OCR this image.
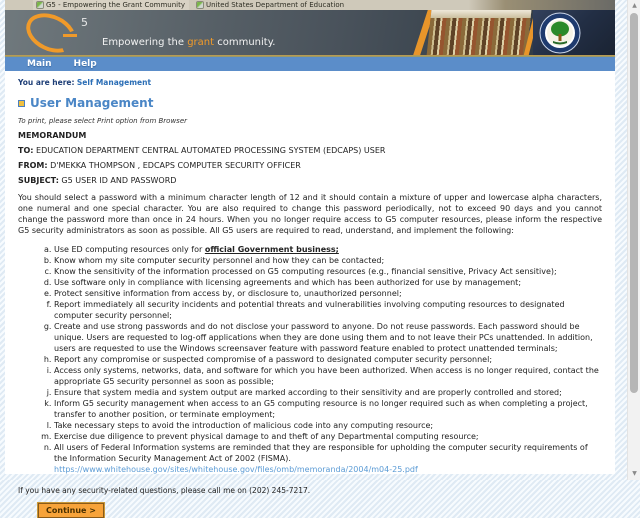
G5 - Empowering the Grant Community	United States Department of Education
5
Empowering the grant community.
Main Help
You are here: Self Management
User Management
To print, please select Print option from Browser
MEMORANDUM
TO: EDUCATION DEPARTMENT CENTRAL AUTOMATED PROCESSING SYSTEM (EDCAPS) USER
FROM: D'MEKKA THOMPSON , EDCAPS COMPUTER SECURITY OFFICER
SUBJECT: G5 USER ID AND PASSWORD
You should select a password with a minimum character length of 12 and it should contain a mixture of upper and lowercase alpha characters, one numeral and one special character. You are also required to change this password periodically, not to exceed 90 days and you cannot change the password more than once in 24 hours. When you no longer require access to G5 computer resources, please inform the respective G5 security administrators as soon as possible. All G5 users are required to read, understand, and implement the following:
a. Use ED computing resources only for official Government business;
b. Know whom my site computer security personnel and how they can be contacted;
c. Know the sensitivity of the information processed on G5 computing resources (e.g., financial sensitive, Privacy Act sensitive);
d. Use software only in compliance with licensing agreements and which has been authorized for use by management;
e. Protect sensitive information from access by, or disclosure to, unauthorized personnel;
f. Report immediately all security incidents and potential threats and vulnerabilities involving computing resources to designated computer security personnel;
g. Create and use strong passwords and do not disclose your password to anyone. Do not reuse passwords. Each password should be unique. Users are requested to log-off applications when they are done using them and to not leave their PCs unattended. In addition, users are requested to use the Windows screensaver feature with password feature enabled to protect unattended terminals;
h. Report any compromise or suspected compromise of a password to designated computer security personnel;
i. Access only systems, networks, data, and software for which you have been authorized. When access is no longer required, contact the appropriate G5 security personnel as soon as possible;
j. Ensure that system media and system output are marked according to their sensitivity and are properly controlled and stored;
k. Inform G5 security management when access to an G5 computing resource is no longer required such as when completing a project, transfer to another position, or terminate employment;
l. Take necessary steps to avoid the introduction of malicious code into any computing resource;
m. Exercise due diligence to prevent physical damage to and theft of any Departmental computing resource;
n. All users of Federal Information systems are reminded that they are responsible for upholding the computer security requirements of the Information Security Management Act of 2002 (FISMA). https://www.whitehouse.gov/sites/whitehouse.gov/files/omb/memoranda/2004/m04-25.pdf
If you have any security-related questions, please call me on (202) 245-7217.
Continue >
▲
▼
